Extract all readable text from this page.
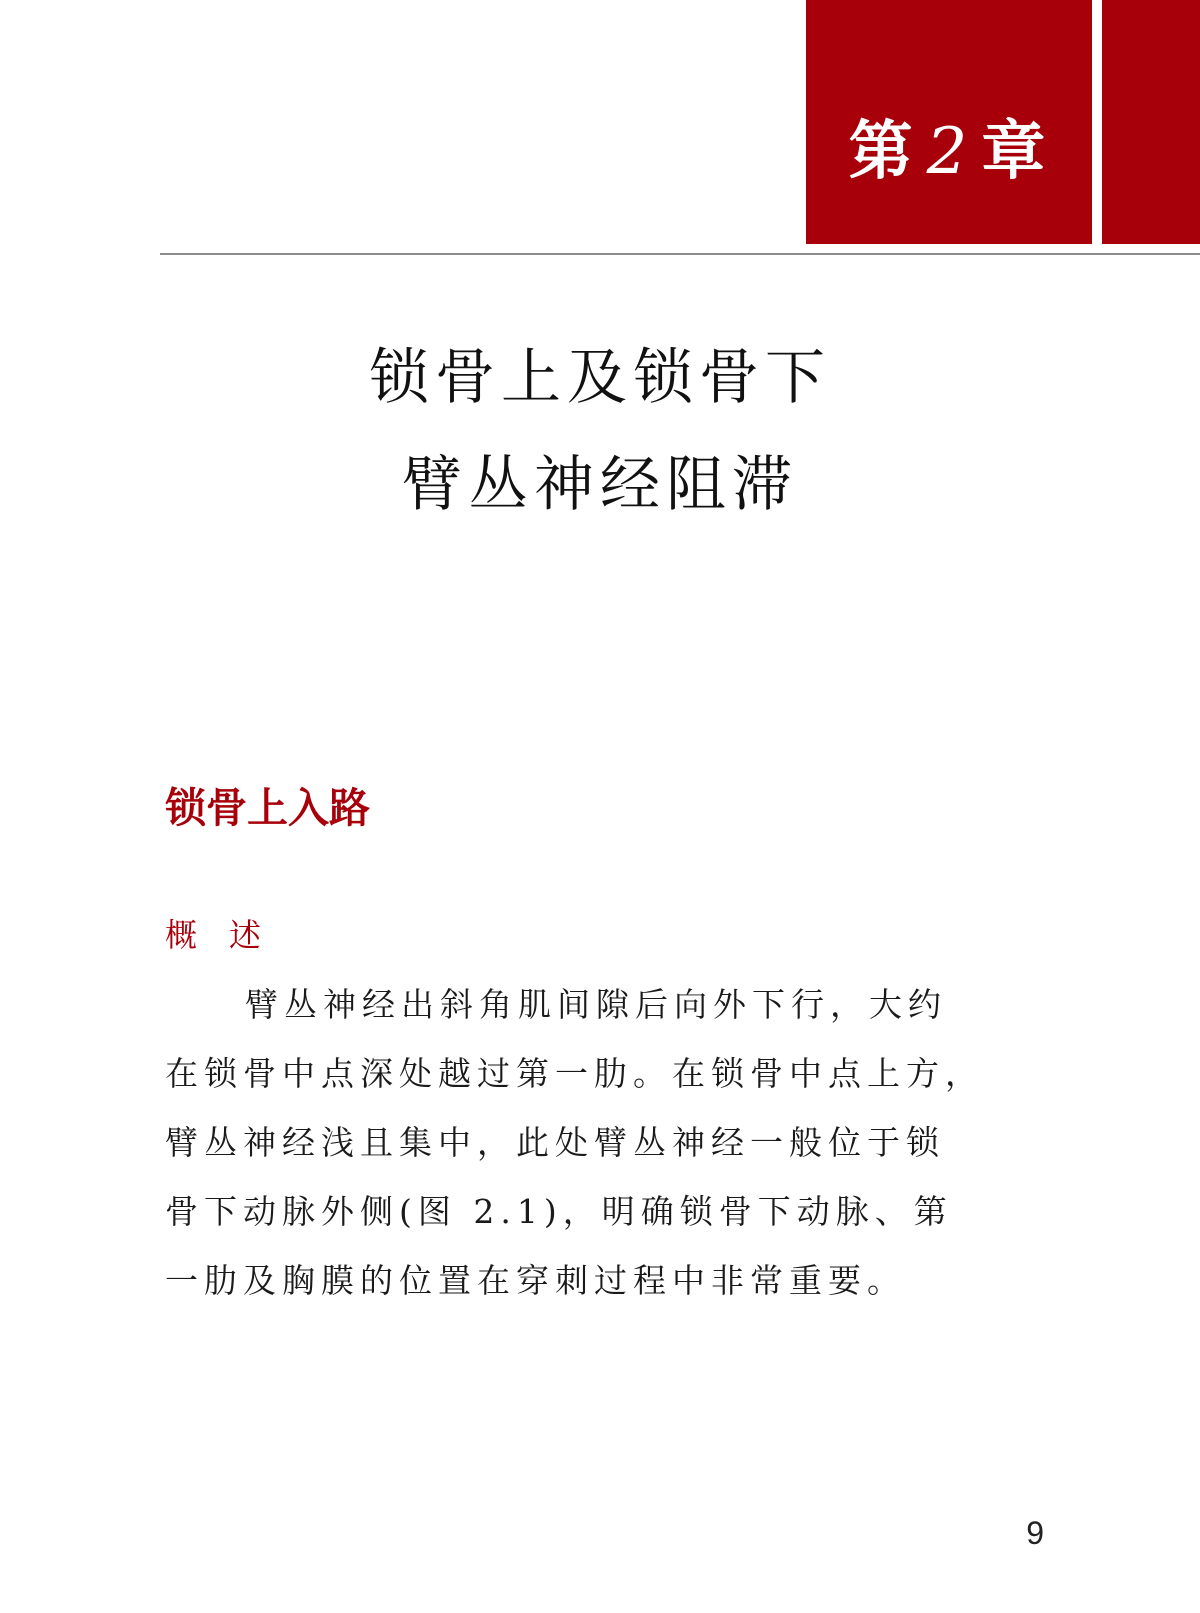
第 2 章
锁骨上及锁骨下
臂丛神经阻滞
锁骨上入路
概　述
臂丛神经出斜角肌间隙后向外下行，大约
在锁骨中点深处越过第一肋。在锁骨中点上方，
臂丛神经浅且集中，此处臂丛神经一般位于锁
骨下动脉外侧(图 2.1)，明确锁骨下动脉、第
一肋及胸膜的位置在穿刺过程中非常重要。
9
